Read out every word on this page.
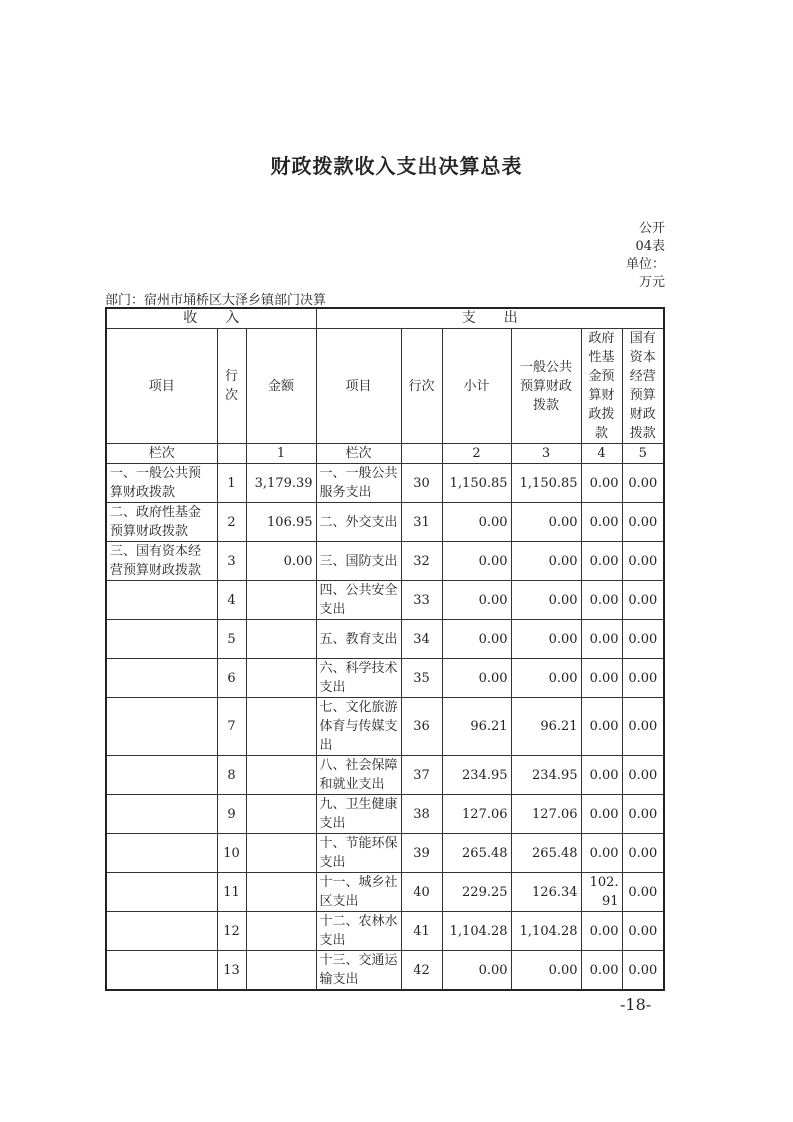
财政拨款收入支出决算总表
公开04表
单位：万元
部门：宿州市埇桥区大泽乡镇部门决算
收　　入			支　　出					
项目	行次	金额	项目	行次	小计	一般公共预算财政拨款	政府性基金预算财政拨款	国有资本经营预算财政拨款
栏次		1	栏次		2	3	4	5
一、一般公共预算财政拨款	1	3,179.39	一、一般公共服务支出	30	1,150.85	1,150.85	0.00	0.00
二、政府性基金预算财政拨款	2	106.95	二、外交支出	31	0.00	0.00	0.00	0.00
三、国有资本经营预算财政拨款	3	0.00	三、国防支出	32	0.00	0.00	0.00	0.00
	4		四、公共安全支出	33	0.00	0.00	0.00	0.00
	5		五、教育支出	34	0.00	0.00	0.00	0.00
	6		六、科学技术支出	35	0.00	0.00	0.00	0.00
	7		七、文化旅游体育与传媒支出	36	96.21	96.21	0.00	0.00
	8		八、社会保障和就业支出	37	234.95	234.95	0.00	0.00
	9		九、卫生健康支出	38	127.06	127.06	0.00	0.00
	10		十、节能环保支出	39	265.48	265.48	0.00	0.00
	11		十一、城乡社区支出	40	229.25	126.34	102.91	0.00
	12		十二、农林水支出	41	1,104.28	1,104.28	0.00	0.00
	13		十三、交通运输支出	42	0.00	0.00	0.00	0.00
-18-
